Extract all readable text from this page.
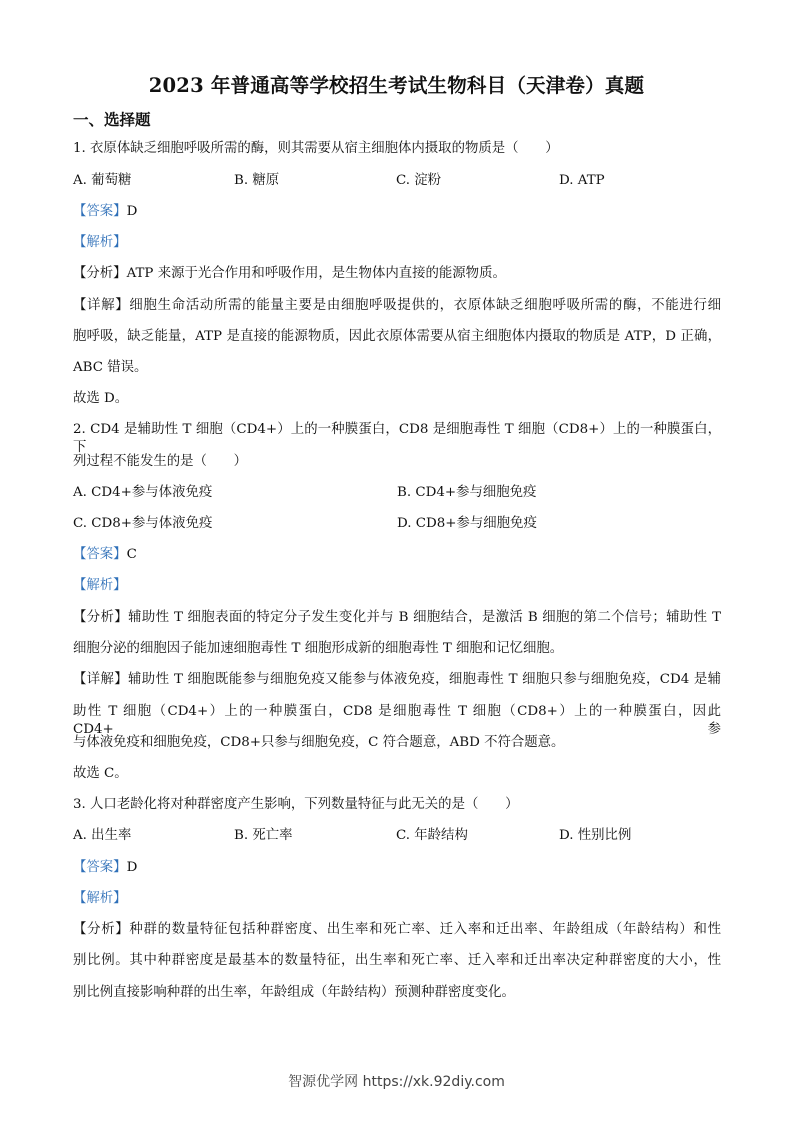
2023 年普通高等学校招生考试生物科目（天津卷）真题
一、选择题
1. 衣原体缺乏细胞呼吸所需的酶，则其需要从宿主细胞体内摄取的物质是（　　）
A. 葡萄糖	B. 糖原	C. 淀粉	D. ATP
【答案】D
【解析】
【分析】ATP 来源于光合作用和呼吸作用，是生物体内直接的能源物质。
【详解】细胞生命活动所需的能量主要是由细胞呼吸提供的，衣原体缺乏细胞呼吸所需的酶，不能进行细
胞呼吸，缺乏能量，ATP 是直接的能源物质，因此衣原体需要从宿主细胞体内摄取的物质是 ATP，D 正确，
ABC 错误。
故选 D。
2. CD4 是辅助性 T 细胞（CD4+）上的一种膜蛋白，CD8 是细胞毒性 T 细胞（CD8+）上的一种膜蛋白，下
列过程不能发生的是（　　）
A. CD4+参与体液免疫	B. CD4+参与细胞免疫
C. CD8+参与体液免疫	D. CD8+参与细胞免疫
【答案】C
【解析】
【分析】辅助性 T 细胞表面的特定分子发生变化并与 B 细胞结合，是激活 B 细胞的第二个信号；辅助性 T
细胞分泌的细胞因子能加速细胞毒性 T 细胞形成新的细胞毒性 T 细胞和记忆细胞。
【详解】辅助性 T 细胞既能参与细胞免疫又能参与体液免疫，细胞毒性 T 细胞只参与细胞免疫，CD4 是辅
助性 T 细胞（CD4+）上的一种膜蛋白，CD8 是细胞毒性 T 细胞（CD8+）上的一种膜蛋白，因此 CD4+参
与体液免疫和细胞免疫，CD8+只参与细胞免疫，C 符合题意，ABD 不符合题意。
故选 C。
3. 人口老龄化将对种群密度产生影响，下列数量特征与此无关的是（　　）
A. 出生率	B. 死亡率	C. 年龄结构	D. 性别比例
【答案】D
【解析】
【分析】种群的数量特征包括种群密度、出生率和死亡率、迁入率和迁出率、年龄组成（年龄结构）和性
别比例。其中种群密度是最基本的数量特征，出生率和死亡率、迁入率和迁出率决定种群密度的大小，性
别比例直接影响种群的出生率，年龄组成（年龄结构）预测种群密度变化。
智源优学网 https://xk.92diy.com
